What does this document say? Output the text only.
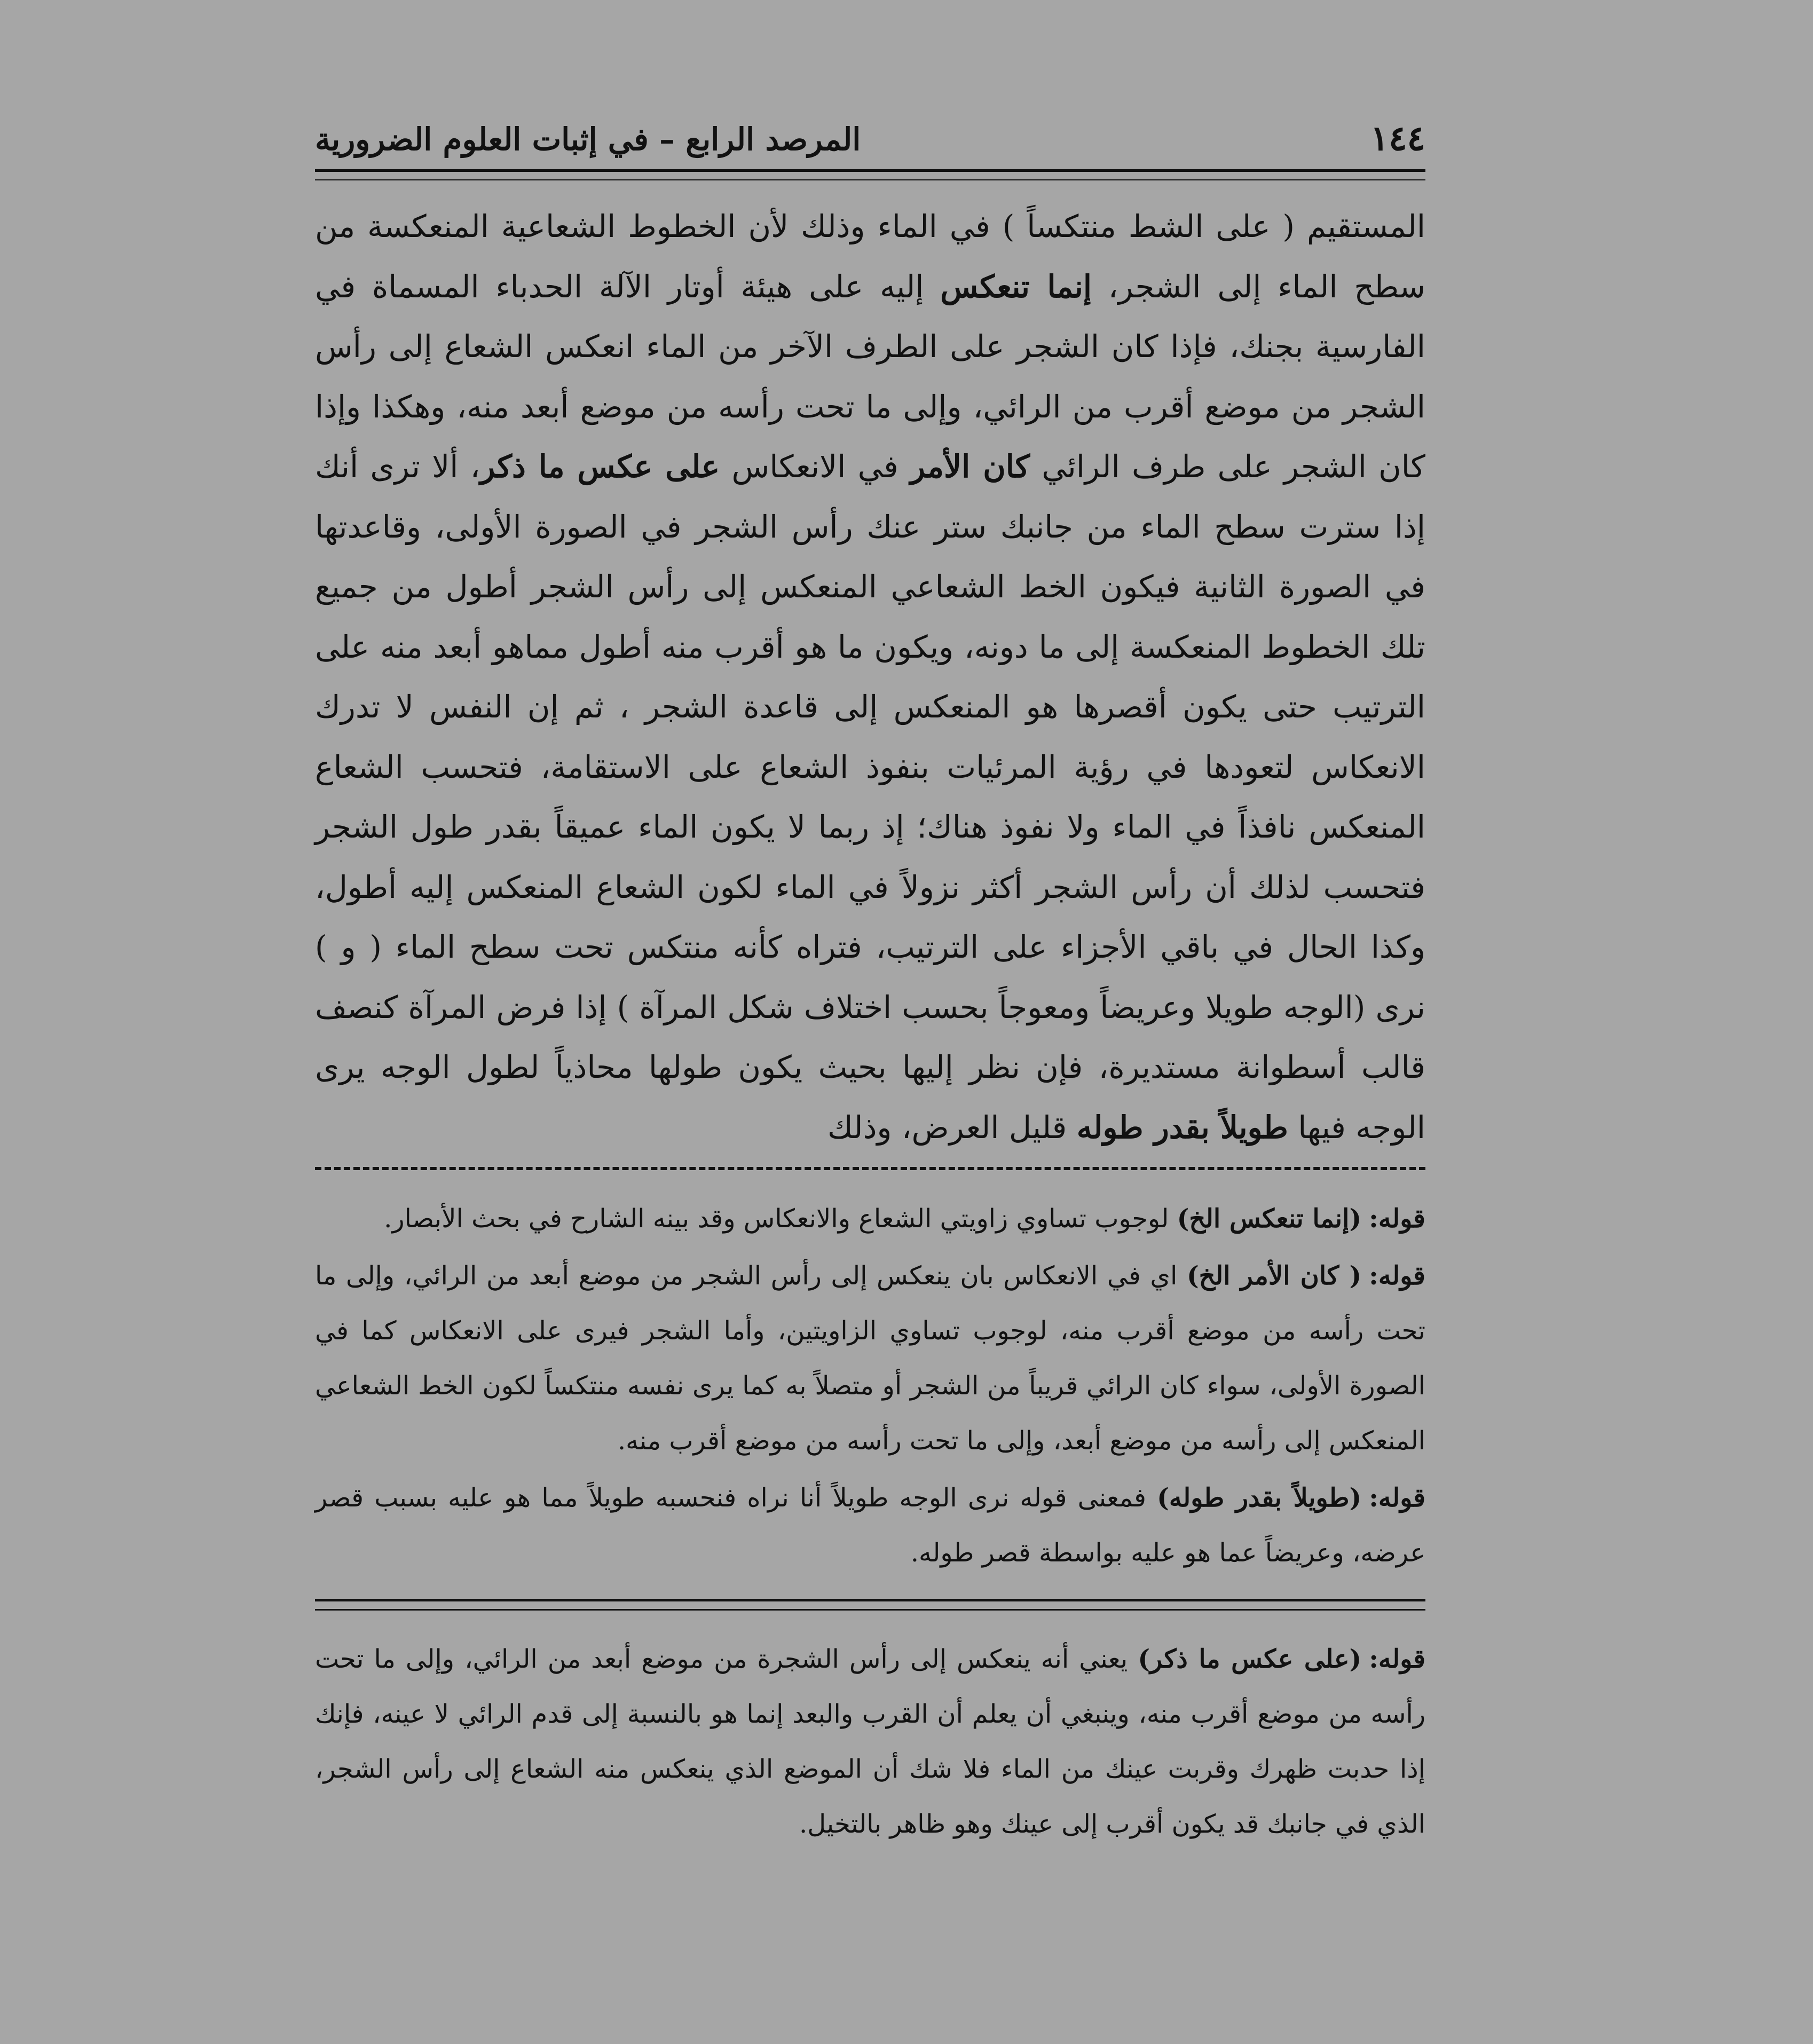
١٤٤
المرصد الرابع – في إثبات العلوم الضرورية

المستقيم ( على الشط منتكساً ) في الماء وذلك لأن الخطوط الشعاعية المنعكسة من سطح الماء إلى الشجر، إنما تنعكس إليه على هيئة أوتار الآلة الحدباء المسماة في الفارسية بجنك، فإذا كان الشجر على الطرف الآخر من الماء انعكس الشعاع إلى رأس الشجر من موضع أقرب من الرائي، وإلى ما تحت رأسه من موضع أبعد منه، وهكذا وإذا كان الشجر على طرف الرائي كان الأمر في الانعكاس على عكس ما ذكر، ألا ترى أنك إذا سترت سطح الماء من جانبك ستر عنك رأس الشجر في الصورة الأولى، وقاعدتها في الصورة الثانية فيكون الخط الشعاعي المنعكس إلى رأس الشجر أطول من جميع تلك الخطوط المنعكسة إلى ما دونه، ويكون ما هو أقرب منه أطول مماهو أبعد منه على الترتيب حتى يكون أقصرها هو المنعكس إلى قاعدة الشجر ، ثم إن النفس لا تدرك الانعكاس لتعودها في رؤية المرئيات بنفوذ الشعاع على الاستقامة، فتحسب الشعاع المنعكس نافذاً في الماء ولا نفوذ هناك؛ إذ ربما لا يكون الماء عميقاً بقدر طول الشجر فتحسب لذلك أن رأس الشجر أكثر نزولاً في الماء لكون الشعاع المنعكس إليه أطول، وكذا الحال في باقي الأجزاء على الترتيب، فتراه كأنه منتكس تحت سطح الماء ( و ) نرى (الوجه طويلا وعريضاً ومعوجاً بحسب اختلاف شكل المرآة ) إذا فرض المرآة كنصف قالب أسطوانة مستديرة، فإن نظر إليها بحيث يكون طولها محاذياً لطول الوجه يرى الوجه فيها طويلاً بقدر طوله قليل العرض، وذلك

قوله:(إنما تنعكس الخ) لوجوب تساوي زاويتي الشعاع والانعكاس وقد بينه الشارح في بحث الأبصار.

قوله:( كان الأمر الخ) اي في الانعكاس بان ينعكس إلى رأس الشجر من موضع أبعد من الرائي، وإلى ما تحت رأسه من موضع أقرب منه، لوجوب تساوي الزاويتين، وأما الشجر فيرى على الانعكاس كما في الصورة الأولى، سواء كان الرائي قريباً من الشجر أو متصلاً به كما يرى نفسه منتكساً لكون الخط الشعاعي المنعكس إلى رأسه من موضع أبعد، وإلى ما تحت رأسه من موضع أقرب منه.

قوله:(طويلاً بقدر طوله) فمعنى قوله نرى الوجه طويلاً أنا نراه فنحسبه طويلاً مما هو عليه بسبب قصر عرضه، وعريضاً عما هو عليه بواسطة قصر طوله.

قوله:(على عكس ما ذكر) يعني أنه ينعكس إلى رأس الشجرة من موضع أبعد من الرائي، وإلى ما تحت رأسه من موضع أقرب منه، وينبغي أن يعلم أن القرب والبعد إنما هو بالنسبة إلى قدم الرائي لا عينه، فإنك إذا حدبت ظهرك وقربت عينك من الماء فلا شك أن الموضع الذي ينعكس منه الشعاع إلى رأس الشجر، الذي في جانبك قد يكون أقرب إلى عينك وهو ظاهر بالتخيل.
